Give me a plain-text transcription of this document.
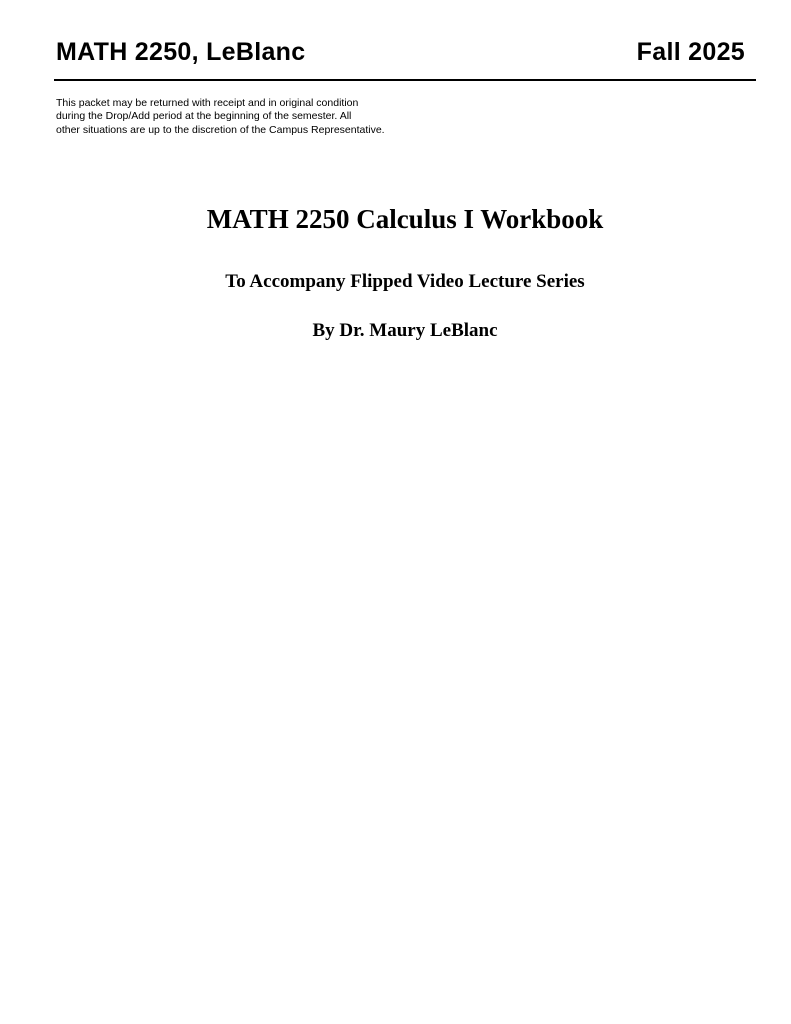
MATH 2250, LeBlanc	Fall 2025
This packet may be returned with receipt and in original condition
during the Drop/Add period at the beginning of the semester. All
other situations are up to the discretion of the Campus Representative.
MATH 2250 Calculus I Workbook
To Accompany Flipped Video Lecture Series
By Dr. Maury LeBlanc
